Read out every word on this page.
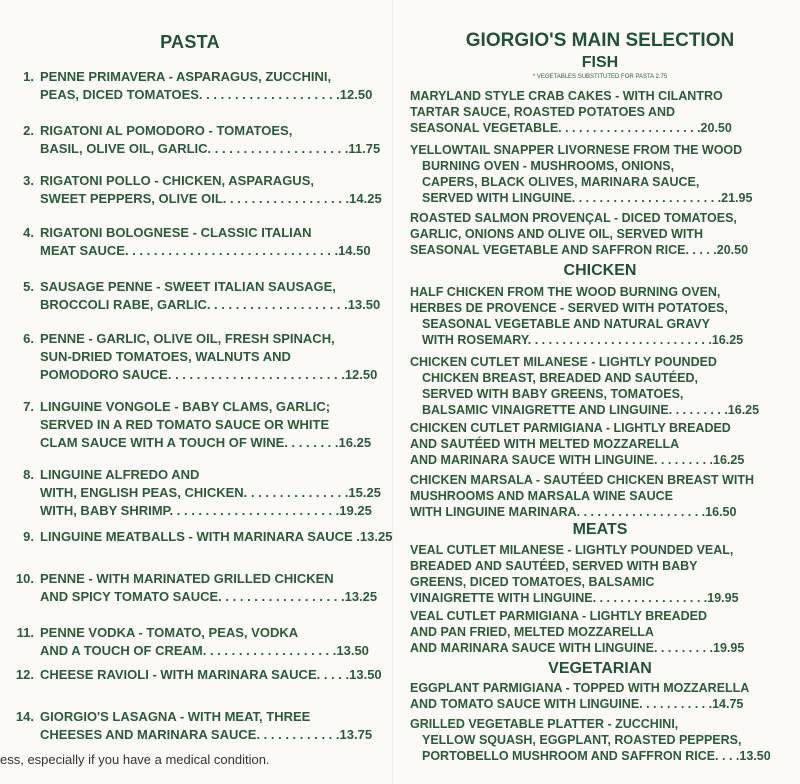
PASTA
1. PENNE PRIMAVERA - ASPARAGUS, ZUCCHINI,
PEAS, DICED TOMATOES. . . . . . . . . . . . . . . . . . . .12.50
2. RIGATONI AL POMODORO - TOMATOES,
BASIL, OLIVE OIL, GARLIC. . . . . . . . . . . . . . . . . . . .11.75
3. RIGATONI POLLO - CHICKEN, ASPARAGUS,
SWEET PEPPERS, OLIVE OIL. . . . . . . . . . . . . . . . . .14.25
4. RIGATONI BOLOGNESE - CLASSIC ITALIAN
MEAT SAUCE. . . . . . . . . . . . . . . . . . . . . . . . . . . . . .14.50
5. SAUSAGE PENNE - SWEET ITALIAN SAUSAGE,
BROCCOLI RABE, GARLIC. . . . . . . . . . . . . . . . . . . .13.50
6. PENNE - GARLIC, OLIVE OIL, FRESH SPINACH,
SUN-DRIED TOMATOES, WALNUTS AND
POMODORO SAUCE. . . . . . . . . . . . . . . . . . . . . . . . .12.50
7. LINGUINE VONGOLE - BABY CLAMS, GARLIC;
SERVED IN A RED TOMATO SAUCE OR WHITE
CLAM SAUCE WITH A TOUCH OF WINE. . . . . . . .16.25
8. LINGUINE ALFREDO AND
WITH, ENGLISH PEAS, CHICKEN. . . . . . . . . . . . . . .15.25
WITH, BABY SHRIMP. . . . . . . . . . . . . . . . . . . . . . . .19.25
9. LINGUINE MEATBALLS - WITH MARINARA SAUCE .13.25
10. PENNE - WITH MARINATED GRILLED CHICKEN
AND SPICY TOMATO SAUCE. . . . . . . . . . . . . . . . . .13.25
11. PENNE VODKA - TOMATO, PEAS, VODKA
AND A TOUCH OF CREAM. . . . . . . . . . . . . . . . . . .13.50
12. CHEESE RAVIOLI - WITH MARINARA SAUCE. . . . .13.50
14. GIORGIO'S LASAGNA - WITH MEAT, THREE
CHEESES AND MARINARA SAUCE. . . . . . . . . . . .13.75
GIORGIO'S MAIN SELECTION
FISH
* VEGETABLES SUBSTITUTED FOR PASTA 2.75
CHICKEN
MEATS
VEGETARIAN
MARYLAND STYLE CRAB CAKES - WITH CILANTRO
TARTAR SAUCE, ROASTED POTATOES AND
SEASONAL VEGETABLE. . . . . . . . . . . . . . . . . . . . .20.50
YELLOWTAIL SNAPPER LIVORNESE FROM THE WOOD
BURNING OVEN - MUSHROOMS, ONIONS,
CAPERS, BLACK OLIVES, MARINARA SAUCE,
SERVED WITH LINGUINE. . . . . . . . . . . . . . . . . . . . . .21.95
ROASTED SALMON PROVENÇAL - DICED TOMATOES,
GARLIC, ONIONS AND OLIVE OIL, SERVED WITH
SEASONAL VEGETABLE AND SAFFRON RICE. . . . .20.50
HALF CHICKEN FROM THE WOOD BURNING OVEN,
HERBES DE PROVENCE - SERVED WITH POTATOES,
SEASONAL VEGETABLE AND NATURAL GRAVY
WITH ROSEMARY. . . . . . . . . . . . . . . . . . . . . . . . . . .16.25
CHICKEN CUTLET MILANESE - LIGHTLY POUNDED
CHICKEN BREAST, BREADED AND SAUTÉED,
SERVED WITH BABY GREENS, TOMATOES,
BALSAMIC VINAIGRETTE AND LINGUINE. . . . . . . . .16.25
CHICKEN CUTLET PARMIGIANA - LIGHTLY BREADED
AND SAUTÉED WITH MELTED MOZZARELLA
AND MARINARA SAUCE WITH LINGUINE. . . . . . . . .16.25
CHICKEN MARSALA - SAUTÉED CHICKEN BREAST WITH
MUSHROOMS AND MARSALA WINE SAUCE
WITH LINGUINE MARINARA. . . . . . . . . . . . . . . . . . .16.50
VEAL CUTLET MILANESE - LIGHTLY POUNDED VEAL,
BREADED AND SAUTÉED, SERVED WITH BABY
GREENS, DICED TOMATOES, BALSAMIC
VINAIGRETTE WITH LINGUINE. . . . . . . . . . . . . . . . .19.95
VEAL CUTLET PARMIGIANA - LIGHTLY BREADED
AND PAN FRIED, MELTED MOZZARELLA
AND MARINARA SAUCE WITH LINGUINE. . . . . . . . .19.95
EGGPLANT PARMIGIANA - TOPPED WITH MOZZARELLA
AND TOMATO SAUCE WITH LINGUINE. . . . . . . . . . .14.75
GRILLED VEGETABLE PLATTER - ZUCCHINI,
YELLOW SQUASH, EGGPLANT, ROASTED PEPPERS,
PORTOBELLO MUSHROOM AND SAFFRON RICE. . . .13.50
ess, especially if you have a medical condition.
